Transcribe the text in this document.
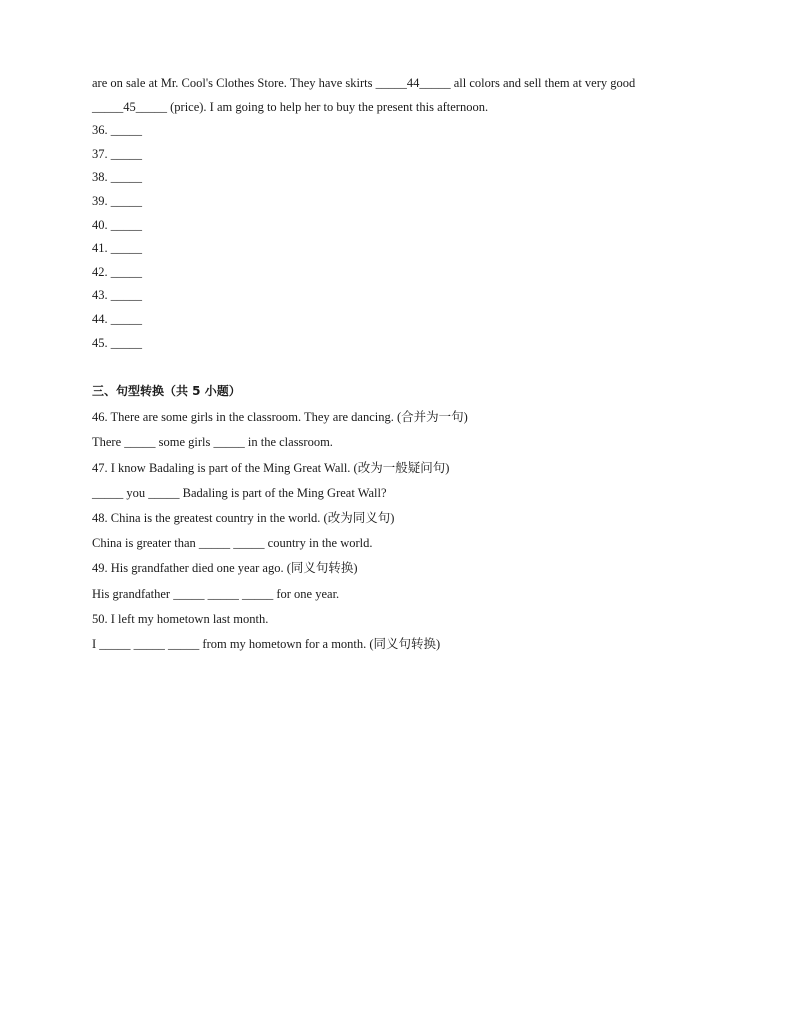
are on sale at Mr. Cool's Clothes Store. They have skirts _____44_____ all colors and sell them at very good
_____45_____ (price). I am going to help her to buy the present this afternoon.
36. _____
37. _____
38. _____
39. _____
40. _____
41. _____
42. _____
43. _____
44. _____
45. _____
三、句型转换（共 5 小题）
46. There are some girls in the classroom. They are dancing. (合并为一句)
There _____ some girls _____ in the classroom.
47. I know Badaling is part of the Ming Great Wall. (改为一般疑问句)
_____ you _____ Badaling is part of the Ming Great Wall?
48. China is the greatest country in the world. (改为同义句)
China is greater than _____ _____ country in the world.
49. His grandfather died one year ago. (同义句转换)
His grandfather _____ _____ _____ for one year.
50. I left my hometown last month.
I _____ _____ _____ from my hometown for a month. (同义句转换)
